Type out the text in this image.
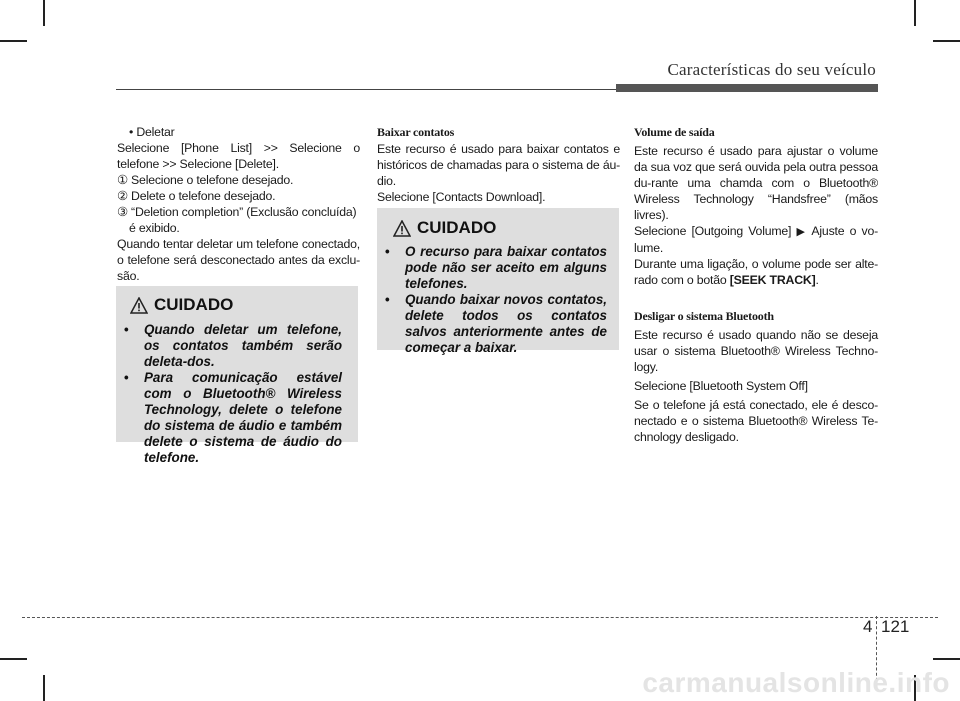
Características do seu veículo

• Deletar

Selecione [Phone List] >> Selecione o telefone >> Selecione [Delete].

① Selecione o telefone desejado.

② Delete o telefone desejado.

③ “Deletion completion” (Exclusão concluída) é exibido.

Quando tentar deletar um telefone conectado, o telefone será desconectado antes da exclu-são.

CUIDADO
• Quando deletar um telefone, os contatos também serão deleta-dos.
• Para comunicação estável com o Bluetooth® Wireless Technology, delete o telefone do sistema de áudio e também delete o sistema de áudio do telefone.

Baixar contatos

Este recurso é usado para baixar contatos e históricos de chamadas para o sistema de áu-dio.

Selecione [Contacts Download].

CUIDADO
• O recurso para baixar contatos pode não ser aceito em alguns telefones.
• Quando baixar novos contatos, delete todos os contatos salvos anteriormente antes de começar a baixar.

Volume de saída

Este recurso é usado para ajustar o volume da sua voz que será ouvida pela outra pessoa du-rante uma chamda com o Bluetooth® Wireless Technology “Handsfree” (mãos livres).

Selecione [Outgoing Volume] ▶ Ajuste o vo-lume.

Durante uma ligação, o volume pode ser alte-rado com o botão [SEEK TRACK].

Desligar o sistema Bluetooth

Este recurso é usado quando não se deseja usar o sistema Bluetooth® Wireless Techno-logy.

Selecione [Bluetooth System Off]

Se o telefone já está conectado, ele é desco-nectado e o sistema Bluetooth® Wireless Te-chnology desligado.

4 121
carmanualsonline.info
